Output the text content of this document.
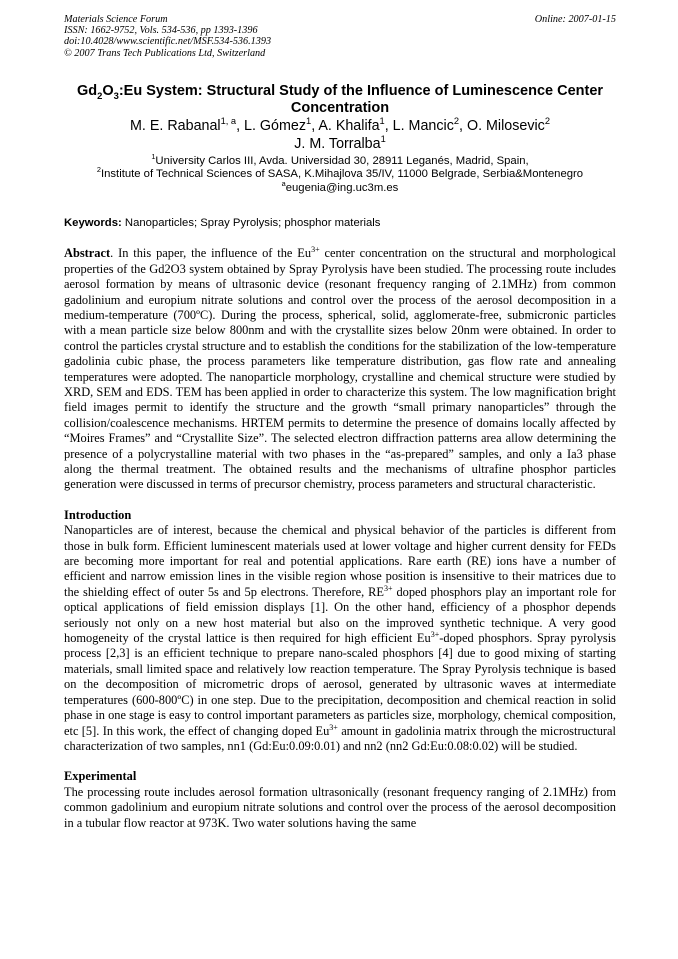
Materials Science Forum	Online: 2007-01-15
ISSN: 1662-9752, Vols. 534-536, pp 1393-1396
doi:10.4028/www.scientific.net/MSF.534-536.1393
© 2007 Trans Tech Publications Ltd, Switzerland
$Gd_2O_3:Eu$ System: Structural Study of the Influence of Luminescence Center Concentration
M. E. Rabanal$^{1, a}$, L. Gómez$^1$, A. Khalifa$^1$, L. Mancic$^2$, O. Milosevic$^2$
J. M. Torralba$^1$
$^1$University Carlos III, Avda. Universidad 30, 28911 Leganés, Madrid, Spain,
$^2$Institute of Technical Sciences of SASA, K.Mihajlova 35/IV, 11000 Belgrade, Serbia&Montenegro
$^a$eugenia@ing.uc3m.es
Keywords: Nanoparticles; Spray Pyrolysis; phosphor materials
Abstract. In this paper, the influence of the $Eu^{3+}$ center concentration on the structural and morphological properties of the Gd2O3 system obtained by Spray Pyrolysis have been studied. The processing route includes aerosol formation by means of ultrasonic device (resonant frequency ranging of 2.1MHz) from common gadolinium and europium nitrate solutions and control over the process of the aerosol decomposition in a medium-temperature (700ºC). During the process, spherical, solid, agglomerate-free, submicronic particles with a mean particle size below 800nm and with the crystallite sizes below 20nm were obtained. In order to control the particles crystal structure and to establish the conditions for the stabilization of the low-temperature gadolinia cubic phase, the process parameters like temperature distribution, gas flow rate and annealing temperatures were adopted. The nanoparticle morphology, crystalline and chemical structure were studied by XRD, SEM and EDS. TEM has been applied in order to characterize this system. The low magnification bright field images permit to identify the structure and the growth “small primary nanoparticles” through the collision/coalescence mechanisms. HRTEM permits to determine the presence of domains locally affected by “Moires Frames” and “Crystallite Size”. The selected electron diffraction patterns area allow determining the presence of a polycrystalline material with two phases in the “as-prepared” samples, and only a Ia3 phase along the thermal treatment. The obtained results and the mechanisms of ultrafine phosphor particles generation were discussed in terms of precursor chemistry, process parameters and structural characteristic.
Introduction
Nanoparticles are of interest, because the chemical and physical behavior of the particles is different from those in bulk form. Efficient luminescent materials used at lower voltage and higher current density for FEDs are becoming more important for real and potential applications. Rare earth (RE) ions have a number of efficient and narrow emission lines in the visible region whose position is insensitive to their matrices due to the shielding effect of outer 5s and 5p electrons. Therefore, $RE^{3+}$ doped phosphors play an important role for optical applications of field emission displays [1]. On the other hand, efficiency of a phosphor depends seriously not only on a new host material but also on the improved synthetic technique. A very good homogeneity of the crystal lattice is then required for high efficient $Eu^{3+}$-doped phosphors. Spray pyrolysis process [2,3] is an efficient technique to prepare nano-scaled phosphors [4] due to good mixing of starting materials, small limited space and relatively low reaction temperature. The Spray Pyrolysis technique is based on the decomposition of micrometric drops of aerosol, generated by ultrasonic waves at intermediate temperatures (600-800ºC) in one step. Due to the precipitation, decomposition and chemical reaction in solid phase in one stage is easy to control important parameters as particles size, morphology, chemical composition, etc [5]. In this work, the effect of changing doped $Eu^{3+}$ amount in gadolinia matrix through the microstructural characterization of two samples, nn1 (Gd:Eu:0.09:0.01) and nn2 (nn2 Gd:Eu:0.08:0.02) will be studied.
Experimental
The processing route includes aerosol formation ultrasonically (resonant frequency ranging of 2.1MHz) from common gadolinium and europium nitrate solutions and control over the process of the aerosol decomposition in a tubular flow reactor at 973K. Two water solutions having the same
